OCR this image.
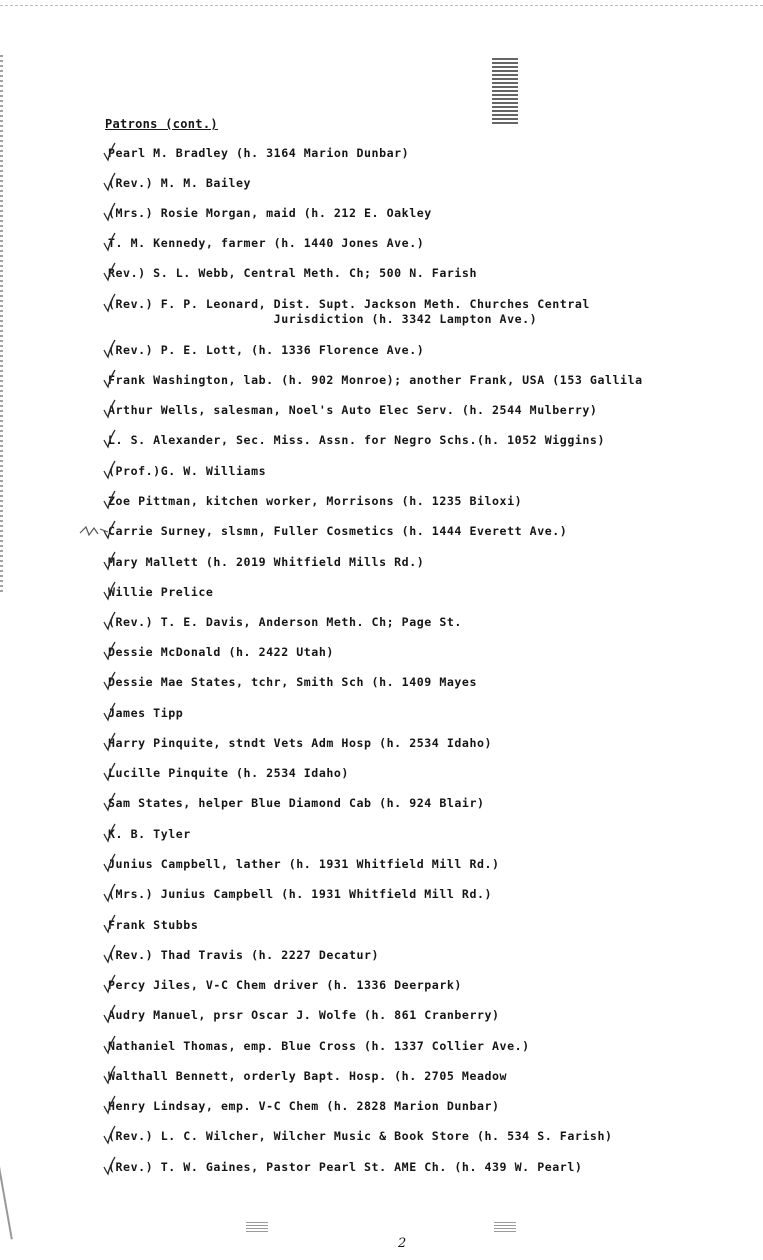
Patrons (cont.)
Pearl M. Bradley (h. 3164 Marion Dunbar)
(Rev.) M. M. Bailey
(Mrs.) Rosie Morgan, maid (h. 212 E. Oakley
T. M. Kennedy, farmer (h. 1440 Jones Ave.)
Rev.) S. L. Webb, Central Meth. Ch; 500 N. Farish
(Rev.) F. P. Leonard, Dist. Supt. Jackson Meth. Churches Central
Jurisdiction (h. 3342 Lampton Ave.)
(Rev.) P. E. Lott, (h. 1336 Florence Ave.)
Frank Washington, lab. (h. 902 Monroe); another Frank, USA (153 Gallila
Arthur Wells, salesman, Noel's Auto Elec Serv. (h. 2544 Mulberry)
L. S. Alexander, Sec. Miss. Assn. for Negro Schs.(h. 1052 Wiggins)
(Prof.)G. W. Williams
Zoe Pittman, kitchen worker, Morrisons (h. 1235 Biloxi)
Carrie Surney, slsmn, Fuller Cosmetics (h. 1444 Everett Ave.)
Mary Mallett (h. 2019 Whitfield Mills Rd.)
Willie Prelice
(Rev.) T. E. Davis, Anderson Meth. Ch; Page St.
Dessie McDonald (h. 2422 Utah)
Dessie Mae States, tchr, Smith Sch (h. 1409 Mayes
James Tipp
Harry Pinquite, stndt Vets Adm Hosp (h. 2534 Idaho)
Lucille Pinquite (h. 2534 Idaho)
Sam States, helper Blue Diamond Cab (h. 924 Blair)
K. B. Tyler
Junius Campbell, lather (h. 1931 Whitfield Mill Rd.)
(Mrs.) Junius Campbell (h. 1931 Whitfield Mill Rd.)
Frank Stubbs
(Rev.) Thad Travis (h. 2227 Decatur)
Percy Jiles, V-C Chem driver (h. 1336 Deerpark)
Audry Manuel, prsr Oscar J. Wolfe (h. 861 Cranberry)
Nathaniel Thomas, emp. Blue Cross (h. 1337 Collier Ave.)
Walthall Bennett, orderly Bapt. Hosp. (h. 2705 Meadow
Henry Lindsay, emp. V-C Chem (h. 2828 Marion Dunbar)
(Rev.) L. C. Wilcher, Wilcher Music & Book Store (h. 534 S. Farish)
(Rev.) T. W. Gaines, Pastor Pearl St. AME Ch. (h. 439 W. Pearl)
2
